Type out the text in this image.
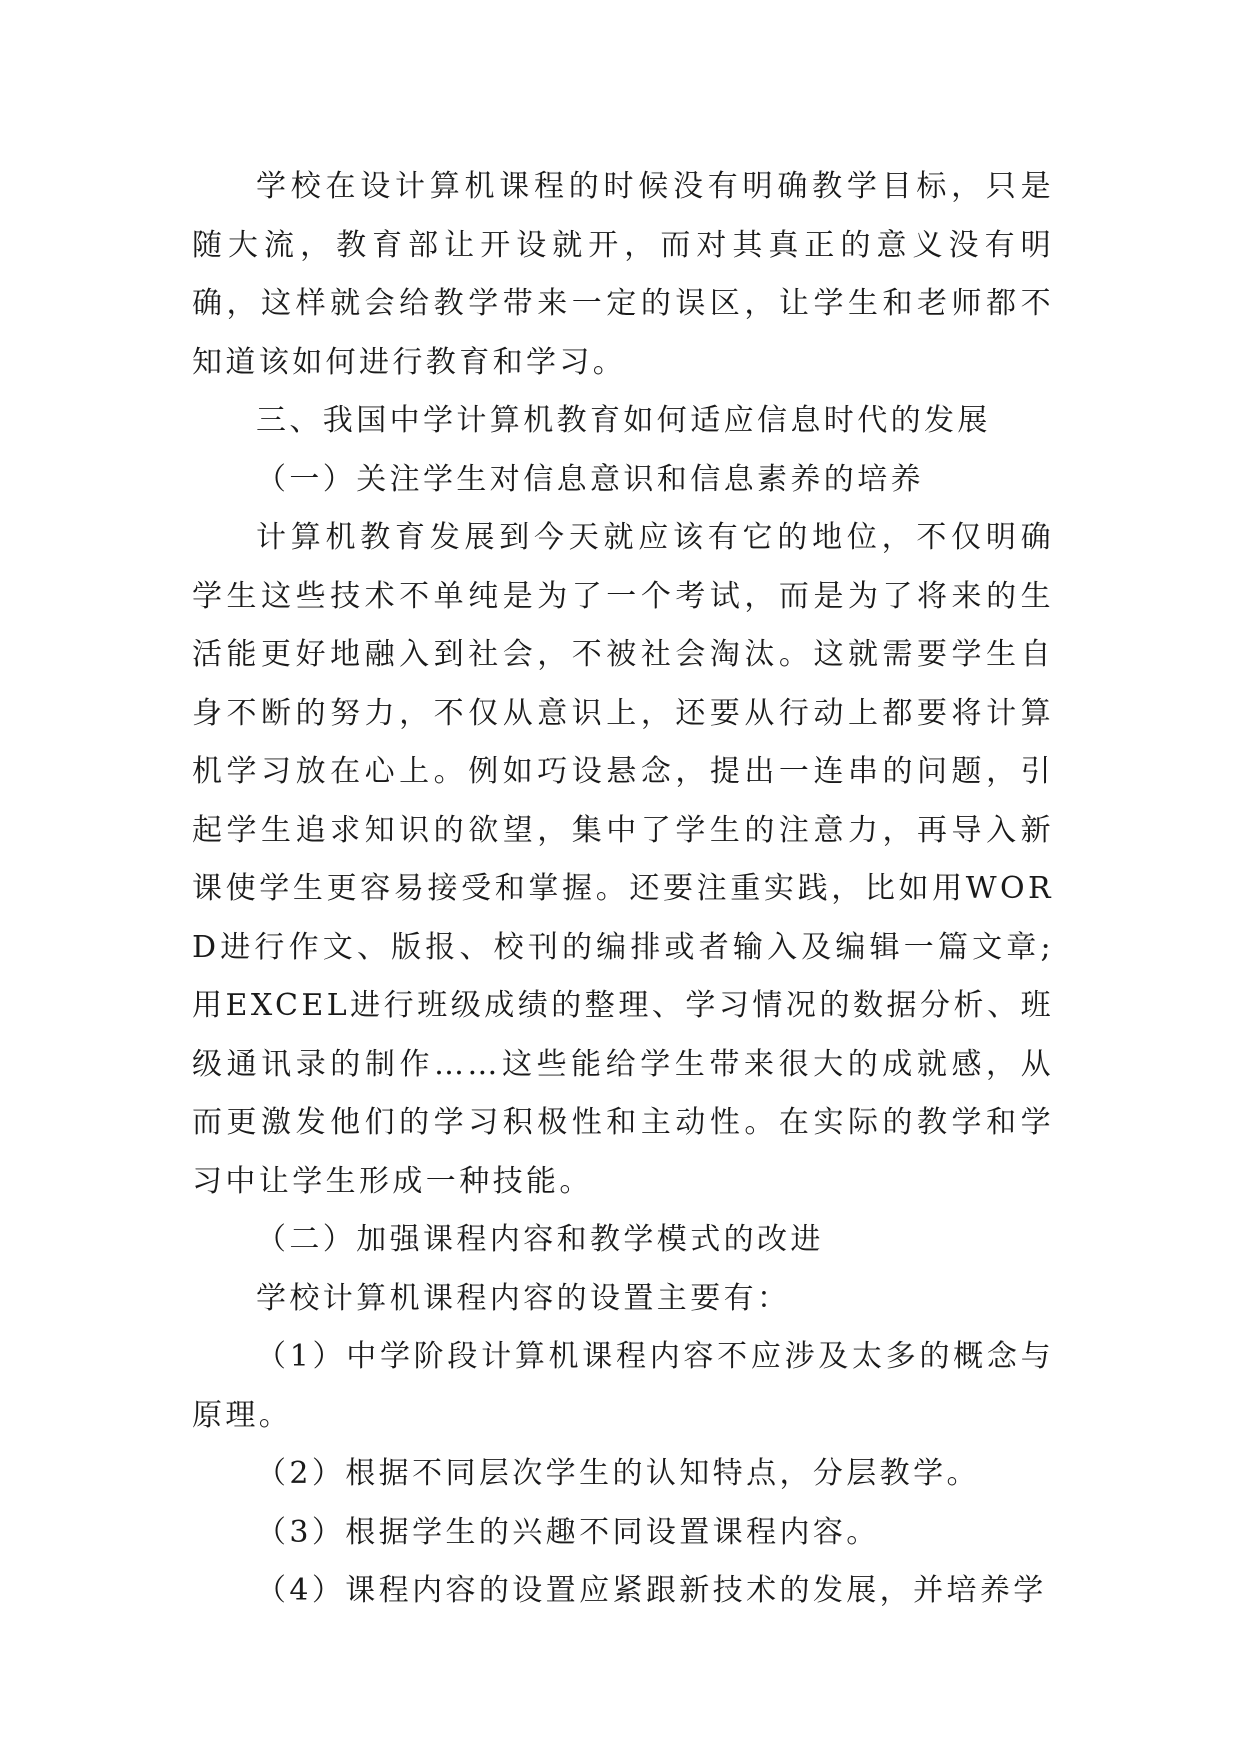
学校在设计算机课程的时候没有明确教学目标，只是随大流，教育部让开设就开，而对其真正的意义没有明确，这样就会给教学带来一定的误区，让学生和老师都不知道该如何进行教育和学习。

三、我国中学计算机教育如何适应信息时代的发展

（一）关注学生对信息意识和信息素养的培养

计算机教育发展到今天就应该有它的地位，不仅明确学生这些技术不单纯是为了一个考试，而是为了将来的生活能更好地融入到社会，不被社会淘汰。这就需要学生自身不断的努力，不仅从意识上，还要从行动上都要将计算机学习放在心上。例如巧设悬念，提出一连串的问题，引起学生追求知识的欲望，集中了学生的注意力，再导入新课使学生更容易接受和掌握。还要注重实践，比如用WORD进行作文、版报、校刊的编排或者输入及编辑一篇文章;用EXCEL进行班级成绩的整理、学习情况的数据分析、班级通讯录的制作……这些能给学生带来很大的成就感，从而更激发他们的学习积极性和主动性。在实际的教学和学习中让学生形成一种技能。

（二）加强课程内容和教学模式的改进

学校计算机课程内容的设置主要有：

（1）中学阶段计算机课程内容不应涉及太多的概念与原理。

（2）根据不同层次学生的认知特点，分层教学。

（3）根据学生的兴趣不同设置课程内容。

（4）课程内容的设置应紧跟新技术的发展，并培养学
